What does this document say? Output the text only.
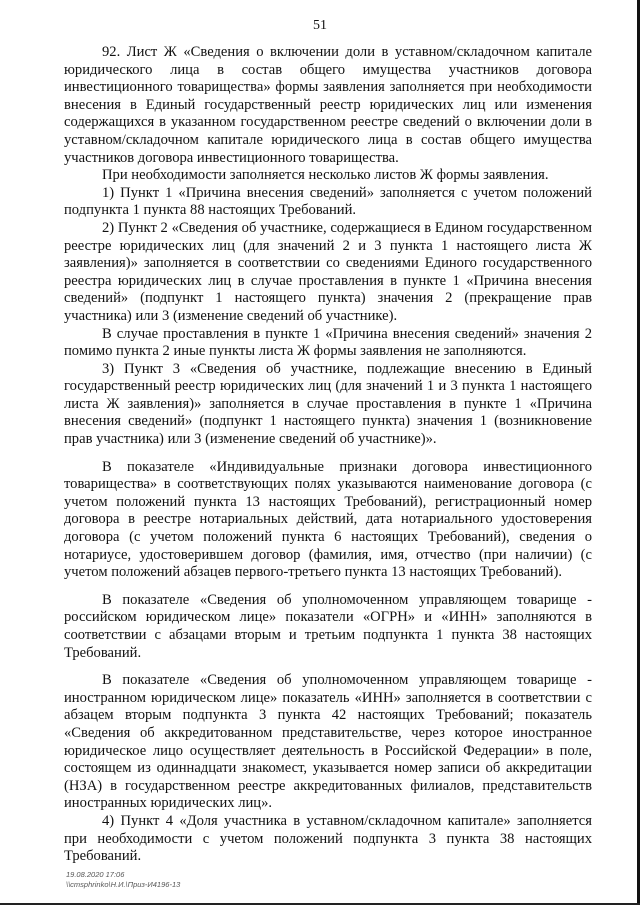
51

92. Лист Ж «Сведения о включении доли в уставном/складочном капитале юридического лица в состав общего имущества участников договора инвестиционного товарищества» формы заявления заполняется при необходимости внесения в Единый государственный реестр юридических лиц или изменения содержащихся в указанном государственном реестре сведений о включении доли в уставном/складочном капитале юридического лица в состав общего имущества участников договора инвестиционного товарищества.

При необходимости заполняется несколько листов Ж формы заявления.

1) Пункт 1 «Причина внесения сведений» заполняется с учетом положений подпункта 1 пункта 88 настоящих Требований.

2) Пункт 2 «Сведения об участнике, содержащиеся в Едином государственном реестре юридических лиц (для значений 2 и 3 пункта 1 настоящего листа Ж заявления)» заполняется в соответствии со сведениями Единого государственного реестра юридических лиц в случае проставления в пункте 1 «Причина внесения сведений» (подпункт 1 настоящего пункта) значения 2 (прекращение прав участника) или 3 (изменение сведений об участнике).

В случае проставления в пункте 1 «Причина внесения сведений» значения 2 помимо пункта 2 иные пункты листа Ж формы заявления не заполняются.

3) Пункт 3 «Сведения об участнике, подлежащие внесению в Единый государственный реестр юридических лиц (для значений 1 и 3 пункта 1 настоящего листа Ж заявления)» заполняется в случае проставления в пункте 1 «Причина внесения сведений» (подпункт 1 настоящего пункта) значения 1 (возникновение прав участника) или 3 (изменение сведений об участнике)».

В показателе «Индивидуальные признаки договора инвестиционного товарищества» в соответствующих полях указываются наименование договора (с учетом положений пункта 13 настоящих Требований), регистрационный номер договора в реестре нотариальных действий, дата нотариального удостоверения договора (с учетом положений пункта 6 настоящих Требований), сведения о нотариусе, удостоверившем договор (фамилия, имя, отчество (при наличии) (с учетом положений абзацев первого-третьего пункта 13 настоящих Требований).

В показателе «Сведения об уполномоченном управляющем товарище - российском юридическом лице» показатели «ОГРН» и «ИНН» заполняются в соответствии с абзацами вторым и третьим подпункта 1 пункта 38 настоящих Требований.

В показателе «Сведения об уполномоченном управляющем товарище - иностранном юридическом лице» показатель «ИНН» заполняется в соответствии с абзацем вторым подпункта 3 пункта 42 настоящих Требований; показатель «Сведения об аккредитованном представительстве, через которое иностранное юридическое лицо осуществляет деятельность в Российской Федерации» в поле, состоящем из одиннадцати знакомест, указывается номер записи об аккредитации (НЗА) в государственном реестре аккредитованных филиалов, представительств иностранных юридических лиц».

4) Пункт 4 «Доля участника в уставном/складочном капитале» заполняется при необходимости с учетом положений подпункта 3 пункта 38 настоящих Требований.

19.08.2020 17:06
\\cmsphrinko\Н.И.\Приз-И4196-13
